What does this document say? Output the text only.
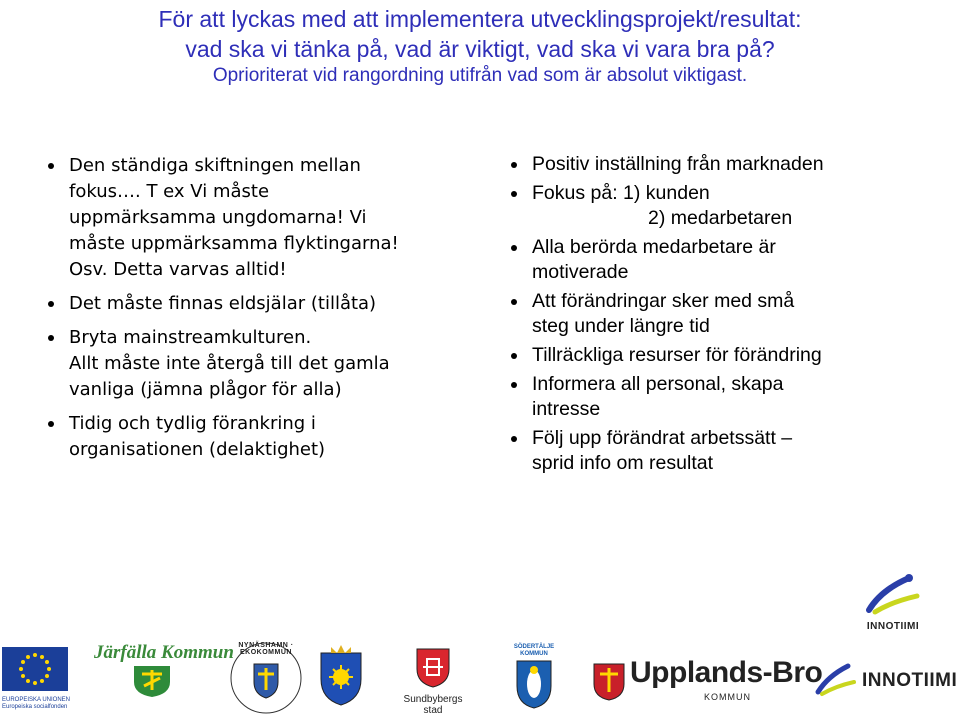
För att lyckas med att implementera utvecklingsprojekt/resultat:
vad ska vi tänka på, vad är viktigt, vad ska vi vara bra på?
Oprioriterat vid rangordning utifrån vad som är absolut viktigast.
Den ständiga skiftningen mellan
fokus…. T ex Vi måste
uppmärksamma ungdomarna! Vi
måste uppmärksamma flyktingarna!
Osv. Detta varvas alltid!
Det måste finnas eldsjälar (tillåta)
Bryta mainstreamkulturen.
Allt måste inte återgå till det gamla
vanliga (jämna plågor för alla)
Tidig och tydlig förankring i
organisationen (delaktighet)
Positiv inställning från marknaden
Fokus på: 1) kunden
2) medarbetaren
Alla berörda medarbetare är
motiverade
Att förändringar sker med små
steg under längre tid
Tillräckliga resurser för förändring
Informera all personal, skapa
intresse
Följ upp förändrat arbetssätt –
sprid info om resultat
EUROPEISKA UNIONEN
Europeiska socialfonden
Järfälla Kommun NYNÄSHAMN · EKOKOMMUN
Sundbybergs
stad
SÖDERTÄLJE KOMMUN
Upplands-Bro
KOMMUN
INNOTIIMI
INNOTIIMI
